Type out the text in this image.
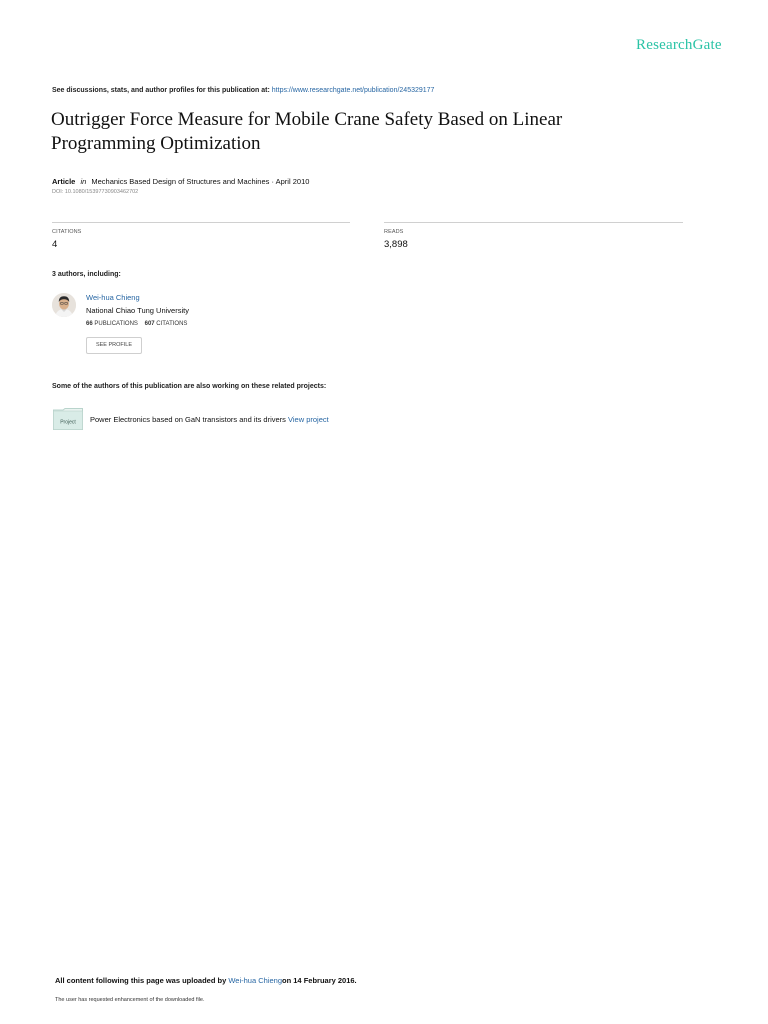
ResearchGate
See discussions, stats, and author profiles for this publication at: https://www.researchgate.net/publication/245329177
Outrigger Force Measure for Mobile Crane Safety Based on Linear
Programming Optimization
Article in Mechanics Based Design of Structures and Machines · April 2010
DOI: 10.1080/15397730903462702
CITATIONS
4
READS
3,898
3 authors, including:
Wei-hua Chieng
National Chiao Tung University
66 PUBLICATIONS 607 CITATIONS
SEE PROFILE
Some of the authors of this publication are also working on these related projects:
Project Power Electronics based on GaN transistors and its drivers View project
All content following this page was uploaded by Wei-hua Chiengon 14 February 2016.
The user has requested enhancement of the downloaded file.
